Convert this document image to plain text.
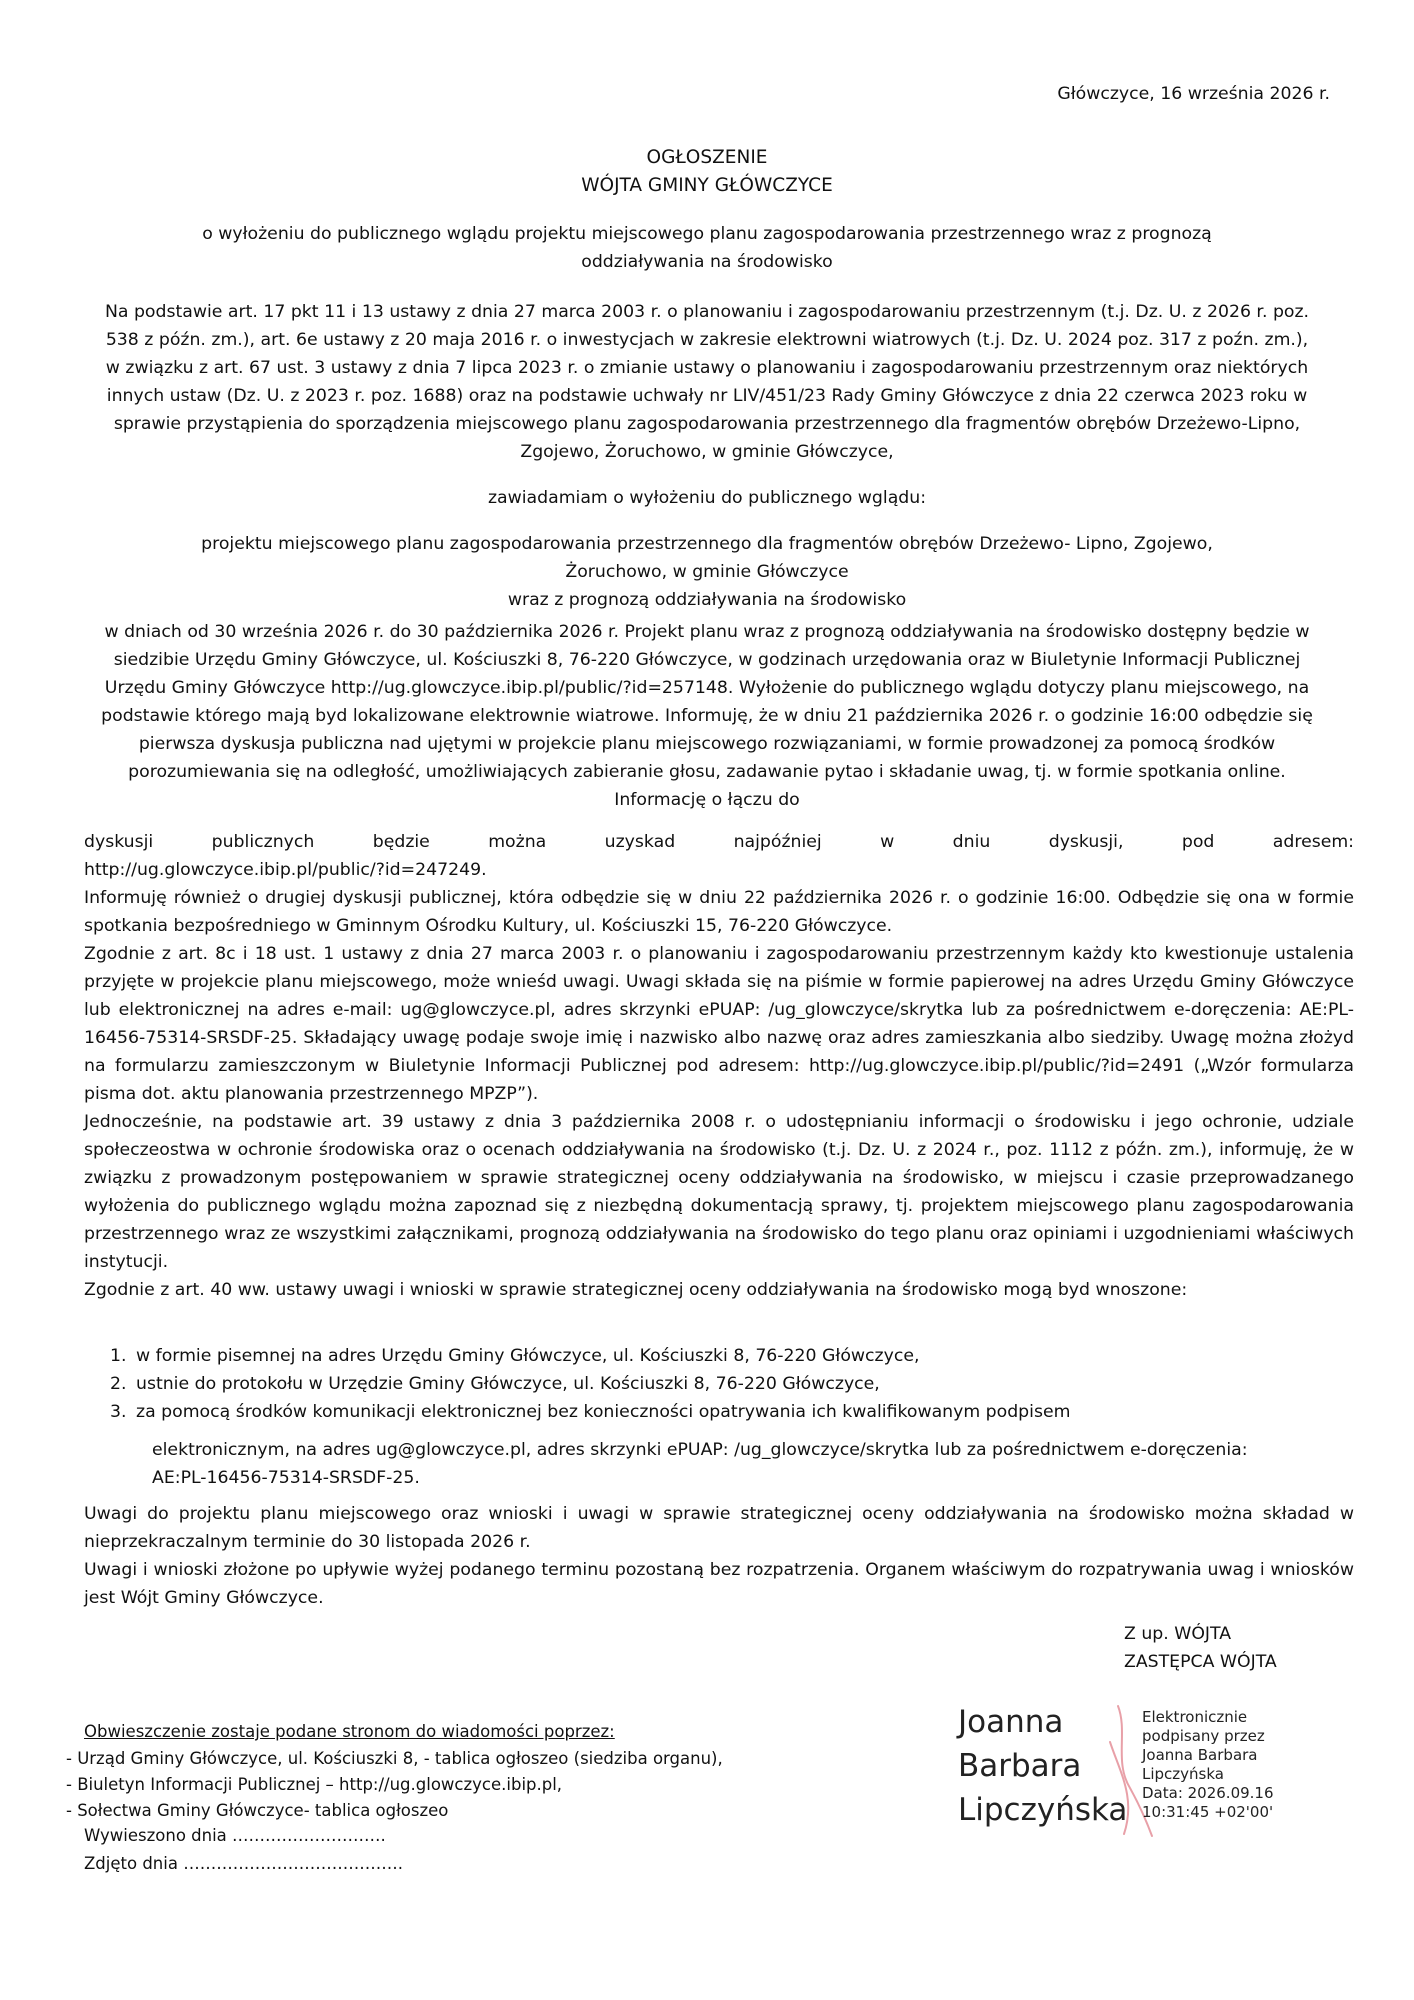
Główczyce, 16 września 2026 r.
OGŁOSZENIE
WÓJTA GMINY GŁÓWCZYCE
o wyłożeniu do publicznego wglądu projektu miejscowego planu zagospodarowania przestrzennego wraz z prognozą oddziaływania na środowisko
Na podstawie art. 17 pkt 11 i 13 ustawy z dnia 27 marca 2003 r. o planowaniu i zagospodarowaniu przestrzennym (t.j. Dz. U. z 2026 r. poz. 538 z późn. zm.), art. 6e ustawy z 20 maja 2016 r. o inwestycjach w zakresie elektrowni wiatrowych (t.j. Dz. U. 2024 poz. 317 z poźn. zm.), w związku z art. 67 ust. 3 ustawy z dnia 7 lipca 2023 r. o zmianie ustawy o planowaniu i zagospodarowaniu przestrzennym oraz niektórych innych ustaw (Dz. U. z 2023 r. poz. 1688) oraz na podstawie uchwały nr LIV/451/23 Rady Gminy Główczyce z dnia 22 czerwca 2023 roku w sprawie przystąpienia do sporządzenia miejscowego planu zagospodarowania przestrzennego dla fragmentów obrębów Drzeżewo-Lipno, Zgojewo, Żoruchowo, w gminie Główczyce,
zawiadamiam o wyłożeniu do publicznego wglądu:
projektu miejscowego planu zagospodarowania przestrzennego dla fragmentów obrębów Drzeżewo- Lipno, Zgojewo,
Żoruchowo, w gminie Główczyce
wraz z prognozą oddziaływania na środowisko
w dniach od 30 września 2026 r. do 30 października 2026 r. Projekt planu wraz z prognozą oddziaływania na środowisko dostępny będzie w siedzibie Urzędu Gminy Główczyce, ul. Kościuszki 8, 76-220 Główczyce, w godzinach urzędowania oraz w Biuletynie Informacji Publicznej Urzędu Gminy Główczyce http://ug.glowczyce.ibip.pl/public/?id=257148. Wyłożenie do publicznego wglądu dotyczy planu miejscowego, na podstawie którego mają byd lokalizowane elektrownie wiatrowe. Informuję, że w dniu 21 października 2026 r. o godzinie 16:00 odbędzie się pierwsza dyskusja publiczna nad ujętymi w projekcie planu miejscowego rozwiązaniami, w formie prowadzonej za pomocą środków porozumiewania się na odległość, umożliwiających zabieranie głosu, zadawanie pytao i składanie uwag, tj. w formie spotkania online. Informację o łączu do

dyskusji publicznych będzie można uzyskad najpóźniej w dniu dyskusji, pod adresem:

http://ug.glowczyce.ibip.pl/public/?id=247249.

Informuję również o drugiej dyskusji publicznej, która odbędzie się w dniu 22 października 2026 r. o godzinie 16:00. Odbędzie się ona w formie spotkania bezpośredniego w Gminnym Ośrodku Kultury, ul. Kościuszki 15, 76-220 Główczyce.

Zgodnie z art. 8c i 18 ust. 1 ustawy z dnia 27 marca 2003 r. o planowaniu i zagospodarowaniu przestrzennym każdy kto kwestionuje ustalenia przyjęte w projekcie planu miejscowego, może wnieśd uwagi. Uwagi składa się na piśmie w formie papierowej na adres Urzędu Gminy Główczyce lub elektronicznej na adres e-mail: ug@glowczyce.pl, adres skrzynki ePUAP: /ug_glowczyce/skrytka lub za pośrednictwem e-doręczenia: AE:PL-16456-75314-SRSDF-25. Składający uwagę podaje swoje imię i nazwisko albo nazwę oraz adres zamieszkania albo siedziby. Uwagę można złożyd na formularzu zamieszczonym w Biuletynie Informacji Publicznej pod adresem: http://ug.glowczyce.ibip.pl/public/?id=2491 („Wzór formularza pisma dot. aktu planowania przestrzennego MPZP”).

Jednocześnie, na podstawie art. 39 ustawy z dnia 3 października 2008 r. o udostępnianiu informacji o środowisku i jego ochronie, udziale społeczeostwa w ochronie środowiska oraz o ocenach oddziaływania na środowisko (t.j. Dz. U. z 2024 r., poz. 1112 z późn. zm.), informuję, że w związku z prowadzonym postępowaniem w sprawie strategicznej oceny oddziaływania na środowisko, w miejscu i czasie przeprowadzanego wyłożenia do publicznego wglądu można zapoznad się z niezbędną dokumentacją sprawy, tj. projektem miejscowego planu zagospodarowania przestrzennego wraz ze wszystkimi załącznikami, prognozą oddziaływania na środowisko do tego planu oraz opiniami i uzgodnieniami właściwych instytucji.

Zgodnie z art. 40 ww. ustawy uwagi i wnioski w sprawie strategicznej oceny oddziaływania na środowisko mogą byd wnoszone:

1. w formie pisemnej na adres Urzędu Gminy Główczyce, ul. Kościuszki 8, 76-220 Główczyce,
2. ustnie do protokołu w Urzędzie Gminy Główczyce, ul. Kościuszki 8, 76-220 Główczyce,
3. za pomocą środków komunikacji elektronicznej bez konieczności opatrywania ich kwalifikowanym podpisem
elektronicznym, na adres ug@glowczyce.pl, adres skrzynki ePUAP: /ug_glowczyce/skrytka lub za pośrednictwem e-doręczenia: AE:PL-16456-75314-SRSDF-25.

Uwagi do projektu planu miejscowego oraz wnioski i uwagi w sprawie strategicznej oceny oddziaływania na środowisko można składad w nieprzekraczalnym terminie do 30 listopada 2026 r.

Uwagi i wnioski złożone po upływie wyżej podanego terminu pozostaną bez rozpatrzenia. Organem właściwym do rozpatrywania uwag i wniosków jest Wójt Gminy Główczyce.

Z up. WÓJTA
ZASTĘPCA WÓJTA
Joanna
Barbara
Lipczyńska
Elektronicznie
podpisany przez
Joanna Barbara
Lipczyńska
Data: 2026.09.16
10:31:45 +02'00'
Obwieszczenie zostaje podane stronom do wiadomości poprzez:
- Urząd Gminy Główczyce, ul. Kościuszki 8, - tablica ogłoszeo (siedziba organu),
- Biuletyn Informacji Publicznej – http://ug.glowczyce.ibip.pl,
- Sołectwa Gminy Główczyce- tablica ogłoszeo
Wywieszono dnia ……………………….
Zdjęto dnia ………………………………….
